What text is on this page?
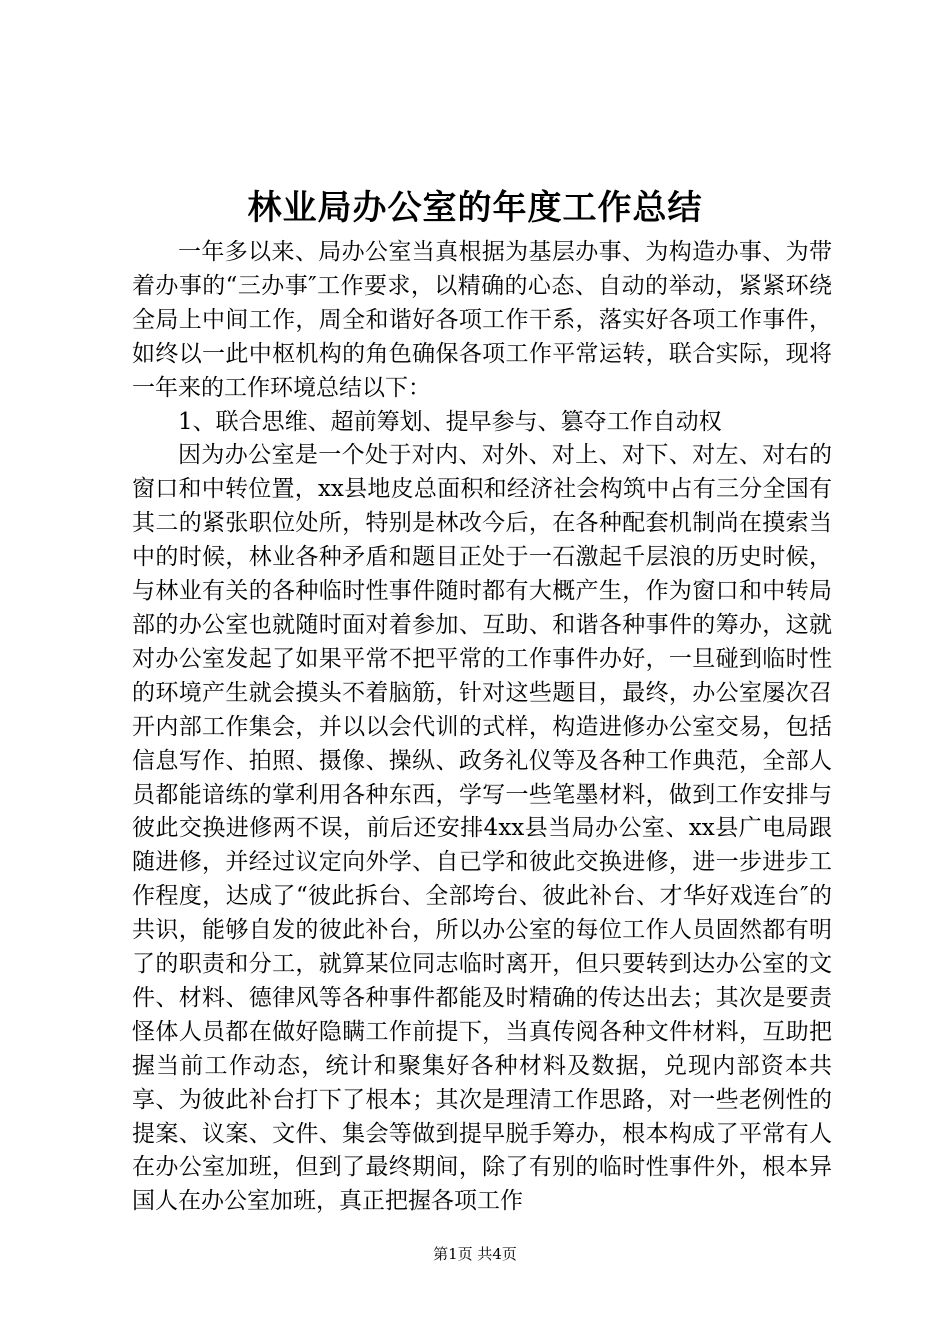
林业局办公室的年度工作总结

一年多以来、局办公室当真根据为基层办事、为构造办事、为带着办事的“三办事″工作要求，以精确的心态、自动的举动，紧紧环绕全局上中间工作，周全和谐好各项工作干系，落实好各项工作事件，如终以一此中枢机构的角色确保各项工作平常运转，联合实际，现将一年来的工作环境总结以下：

1、联合思维、超前筹划、提早参与、篡夺工作自动权

因为办公室是一个处于对内、对外、对上、对下、对左、对右的窗口和中转位置，xx县地皮总面积和经济社会构筑中占有三分全国有其二的紧张职位处所，特别是林改今后，在各种配套机制尚在摸索当中的时候，林业各种矛盾和题目正处于一石激起千层浪的历史时候，与林业有关的各种临时性事件随时都有大概产生，作为窗口和中转局部的办公室也就随时面对着参加、互助、和谐各种事件的筹办，这就对办公室发起了如果平常不把平常的工作事件办好，一旦碰到临时性的环境产生就会摸头不着脑筋，针对这些题目，最终，办公室屡次召开内部工作集会，并以以会代训的式样，构造进修办公室交易，包括信息写作、拍照、摄像、操纵、政务礼仪等及各种工作典范，全部人员都能谙练的掌利用各种东西，学写一些笔墨材料，做到工作安排与彼此交换进修两不误，前后还安排4xx县当局办公室、xx县广电局跟随进修，并经过议定向外学、自已学和彼此交换进修，进一步进步工作程度，达成了“彼此拆台、全部垮台、彼此补台、才华好戏连台″的共识，能够自发的彼此补台，所以办公室的每位工作人员固然都有明了的职责和分工，就算某位同志临时离开，但只要转到达办公室的文件、材料、德律风等各种事件都能及时精确的传达出去；其次是要责怪体人员都在做好隐瞒工作前提下，当真传阅各种文件材料，互助把握当前工作动态，统计和聚集好各种材料及数据，兑现内部资本共享、为彼此补台打下了根本；其次是理清工作思路，对一些老例性的提案、议案、文件、集会等做到提早脱手筹办，根本构成了平常有人在办公室加班，但到了最终期间，除了有别的临时性事件外，根本异国人在办公室加班，真正把握各项工作

第1页 共4页
